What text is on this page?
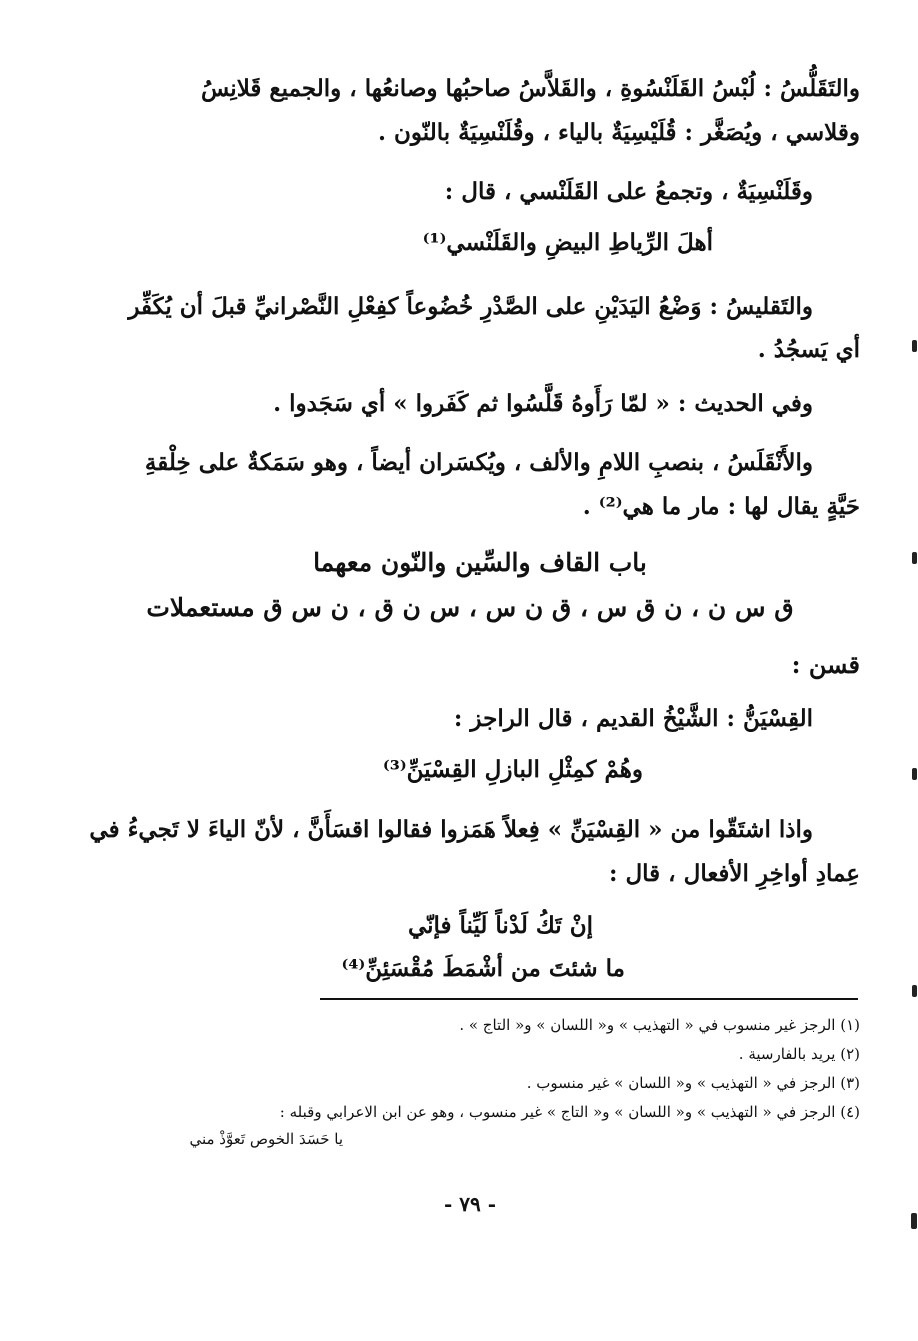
والتَقَلُّسُ : لُبْسُ القَلَنْسُوةِ ، والقَلاَّسُ صاحبُها وصانعُها ، والجميع قَلانِسُ
وقلاسي ، ويُصَغَّر : قُلَيْسِيَةٌ بالياء ، وقُلَنْسِيَةٌ بالنّون .
وقَلَنْسِيَةٌ ، وتجمعُ على القَلَنْسي ، قال :
أهلَ الرِّياطِ البيضِ والقَلَنْسي⁽¹⁾
والتَقليسُ : وَضْعُ اليَدَيْنِ على الصَّدْرِ خُضُوعاً كفِعْلِ النَّصْرانيِّ قبلَ أن يُكَفِّر
أي يَسجُدُ .
وفي الحديث : « لمّا رَأَوهُ قَلَّسُوا ثم كَفَروا » أي سَجَدوا .
والأَنْقَلَسُ ، بنصبِ اللامِ والألف ، ويُكسَران أيضاً ، وهو سَمَكةٌ على خِلْقةِ
حَيَّةٍ يقال لها : مار ما هي⁽²⁾ .
باب القاف والسِّين والنّون معهما
ق س ن ، ن ق س ، ق ن س ، س ن ق ، ن س ق مستعملات
قسن :
القِسْيَنُّ : الشَّيْخُ القديم ، قال الراجز :
وهُمْ كمِثْلِ البازلِ القِسْيَنِّ⁽³⁾
واذا اشتَقّوا من « القِسْيَنِّ » فِعلاً هَمَزوا فقالوا اقسَأَنَّ ، لأنّ الياءَ لا تَجيءُ في
عِمادِ أواخِرِ الأفعال ، قال :
إنْ تَكُ لَدْناً لَيِّناً فإنّي
ما شئتَ من أشْمَطَ مُقْسَئِنِّ⁽⁴⁾
(١) الرجز غير منسوب في « التهذيب » و« اللسان » و« التاج » .
(٢) يريد بالفارسية .
(٣) الرجز في « التهذيب » و« اللسان » غير منسوب .
(٤) الرجز في « التهذيب » و« اللسان » و« التاج » غير منسوب ، وهو عن ابن الاعرابي وقبله :
يا حَسَدَ الخوص تَعوَّذْ مني
- ٧٩ -
